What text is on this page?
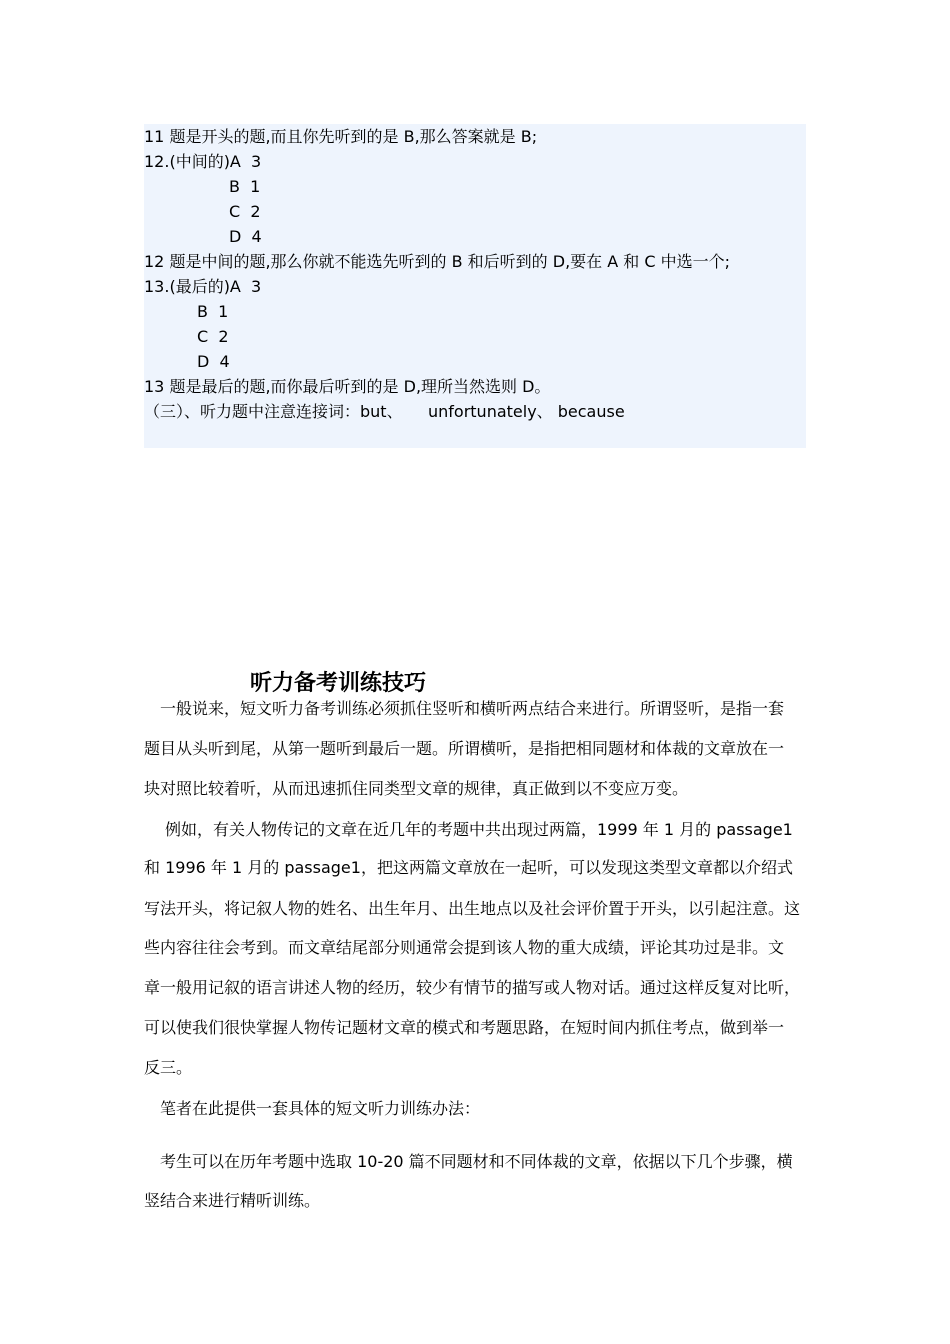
11 题是开头的题,而且你先听到的是 B,那么答案就是 B;
12.(中间的)A  3
B  1
C  2
D  4
12 题是中间的题,那么你就不能选先听到的 B 和后听到的 D,要在 A 和 C 中选一个;
13.(最后的)A  3
B  1
C  2
D  4
13 题是最后的题,而你最后听到的是 D,理所当然选则 D。
（三）、听力题中注意连接词：but、     unfortunately、 because
听力备考训练技巧
一般说来，短文听力备考训练必须抓住竖听和横听两点结合来进行。所谓竖听，是指一套
题目从头听到尾，从第一题听到最后一题。所谓横听，是指把相同题材和体裁的文章放在一
块对照比较着听，从而迅速抓住同类型文章的规律，真正做到以不变应万变。
例如，有关人物传记的文章在近几年的考题中共出现过两篇，1999 年 1 月的 passage1
和 1996 年 1 月的 passage1，把这两篇文章放在一起听，可以发现这类型文章都以介绍式
写法开头，将记叙人物的姓名、出生年月、出生地点以及社会评价置于开头，以引起注意。这
些内容往往会考到。而文章结尾部分则通常会提到该人物的重大成绩，评论其功过是非。文
章一般用记叙的语言讲述人物的经历，较少有情节的描写或人物对话。通过这样反复对比听，
可以使我们很快掌握人物传记题材文章的模式和考题思路，在短时间内抓住考点，做到举一
反三。
笔者在此提供一套具体的短文听力训练办法：
考生可以在历年考题中选取 10-20 篇不同题材和不同体裁的文章，依据以下几个步骤，横
竖结合来进行精听训练。
